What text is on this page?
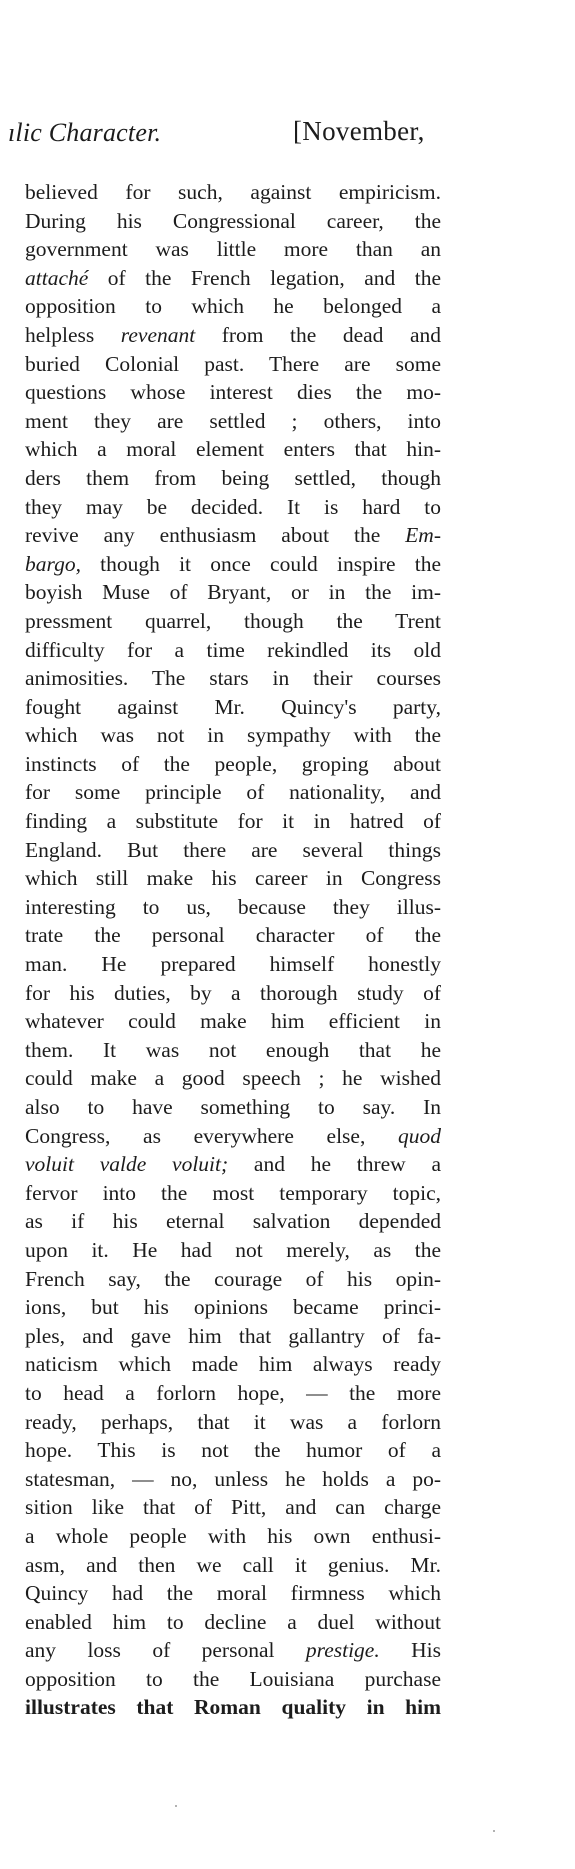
ılic Character.	[November,
believed for such, against empiricism.
During his Congressional career, the
government was little more than an
attaché of the French legation, and the
opposition to which he belonged a
helpless revenant from the dead and
buried Colonial past. There are some
questions whose interest dies the mo-
ment they are settled ; others, into
which a moral element enters that hin-
ders them from being settled, though
they may be decided. It is hard to
revive any enthusiasm about the Em-
bargo, though it once could inspire the
boyish Muse of Bryant, or in the im-
pressment quarrel, though the Trent
difficulty for a time rekindled its old
animosities. The stars in their courses
fought against Mr. Quincy's party,
which was not in sympathy with the
instincts of the people, groping about
for some principle of nationality, and
finding a substitute for it in hatred of
England. But there are several things
which still make his career in Congress
interesting to us, because they illus-
trate the personal character of the
man. He prepared himself honestly
for his duties, by a thorough study of
whatever could make him efficient in
them. It was not enough that he
could make a good speech ; he wished
also to have something to say. In
Congress, as everywhere else, quod
voluit valde voluit; and he threw a
fervor into the most temporary topic,
as if his eternal salvation depended
upon it. He had not merely, as the
French say, the courage of his opin-
ions, but his opinions became princi-
ples, and gave him that gallantry of fa-
naticism which made him always ready
to head a forlorn hope, — the more
ready, perhaps, that it was a forlorn
hope. This is not the humor of a
statesman, — no, unless he holds a po-
sition like that of Pitt, and can charge
a whole people with his own enthusi-
asm, and then we call it genius. Mr.
Quincy had the moral firmness which
enabled him to decline a duel without
any loss of personal prestige. His
opposition to the Louisiana purchase
illustrates that Roman quality in him
